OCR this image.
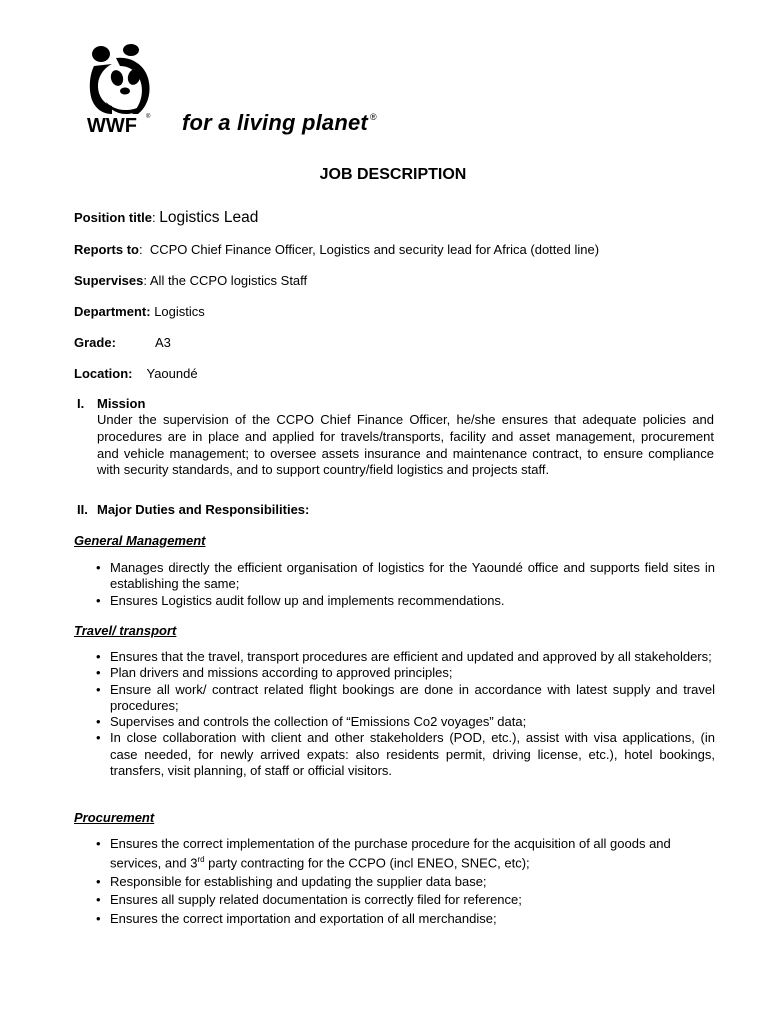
WWF ® for a living planet ®
JOB DESCRIPTION
Position title: Logistics Lead
Reports to:  CCPO Chief Finance Officer, Logistics and security lead for Africa (dotted line)
Supervises: All the CCPO logistics Staff
Department: Logistics
Grade:	A3
Location: Yaoundé
I. Mission
Under the supervision of the CCPO Chief Finance Officer, he/she ensures that adequate policies and procedures are in place and applied for travels/transports, facility and asset management, procurement and vehicle management; to oversee assets insurance and maintenance contract, to ensure compliance with security standards, and to support country/field logistics and projects staff.
II. Major Duties and Responsibilities:
General Management
• Manages directly the efficient organisation of logistics for the Yaoundé office and supports field sites in establishing the same;
• Ensures Logistics audit follow up and implements recommendations.
Travel/ transport
• Ensures that the travel, transport procedures are efficient and updated and approved by all stakeholders;
• Plan drivers and missions according to approved principles;
• Ensure all work/ contract related flight bookings are done in accordance with latest supply and travel procedures;
• Supervises and controls the collection of “Emissions Co2 voyages” data;
• In close collaboration with client and other stakeholders (POD, etc.), assist with visa applications, (in case needed, for newly arrived expats: also residents permit, driving license, etc.), hotel bookings, transfers, visit planning, of staff or official visitors.
Procurement
• Ensures the correct implementation of the purchase procedure for the acquisition of all goods and services, and 3rd party contracting for the CCPO (incl ENEO, SNEC, etc);
• Responsible for establishing and updating the supplier data base;
• Ensures all supply related documentation is correctly filed for reference;
• Ensures the correct importation and exportation of all merchandise;
